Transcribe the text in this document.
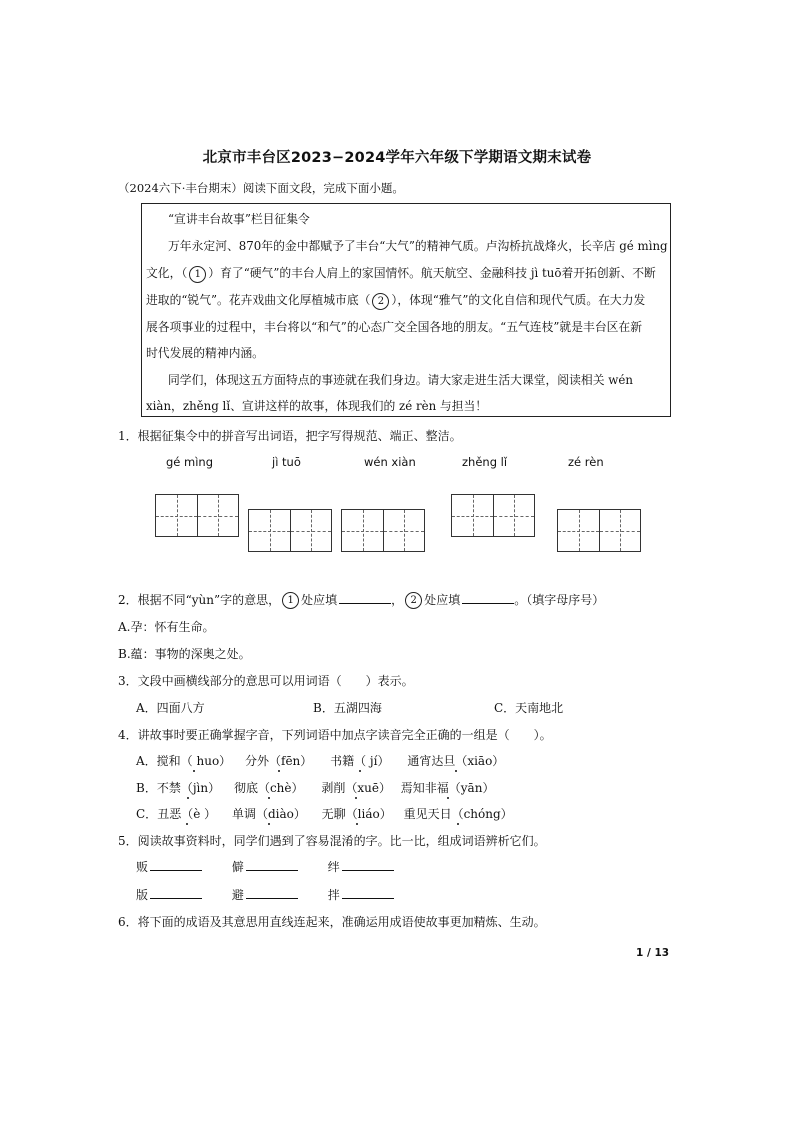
北京市丰台区2023−2024学年六年级下学期语文期末试卷
（2024六下·丰台期末）阅读下面文段，完成下面小题。
“宣讲丰台故事”栏目征集令
万年永定河、870年的金中都赋予了丰台“大气”的精神气质。卢沟桥抗战烽火，长辛店 gé mìng
文化，（ 1 ）育了“硬气”的丰台人肩上的家国情怀。航天航空、金融科技 jì tuō着开拓创新、不断
进取的“锐气”。花卉戏曲文化厚植城市底（ 2 ），体现“雅气”的文化自信和现代气质。在大力发
展各项事业的过程中，丰台将以“和气”的心态广交全国各地的朋友。“五气连枝”就是丰台区在新
时代发展的精神内涵。
同学们，体现这五方面特点的事迹就在我们身边。请大家走进生活大课堂，阅读相关 wén
xiàn，zhěng lǐ、宣讲这样的故事，体现我们的 zé rèn 与担当！
1．根据征集令中的拼音写出词语，把字写得规范、端正、整洁。
gé mìng	jì tuō	wén xiàn	zhěng lǐ	zé rèn
2．根据不同“yùn”字的意思， 1 处应填	， 2 处应填	。（填字母序号）
A.孕：怀有生命。
B.蕴：事物的深奥之处。
3．文段中画横线部分的意思可以用词语（　　）表示。
A．四面八方	B．五湖四海	C．天南地北
4．讲故事时要正确掌握字音，下列词语中加点字读音完全正确的一组是（　　）。
A．搅和（ huo） 分外（fēn） 书籍（ jí） 通宵达旦（xiāo）
B．不禁（jìn） 彻底（chè） 剥削（xuē） 焉知非福（yān）
C．丑恶（è ） 单调（diào） 无聊（liáo） 重见天日（chóng）
5．阅读故事资料时，同学们遇到了容易混淆的字。比一比，组成词语辨析它们。
贩	僻	绊
版	避	拌
6．将下面的成语及其意思用直线连起来，准确运用成语使故事更加精炼、生动。
1 / 13
